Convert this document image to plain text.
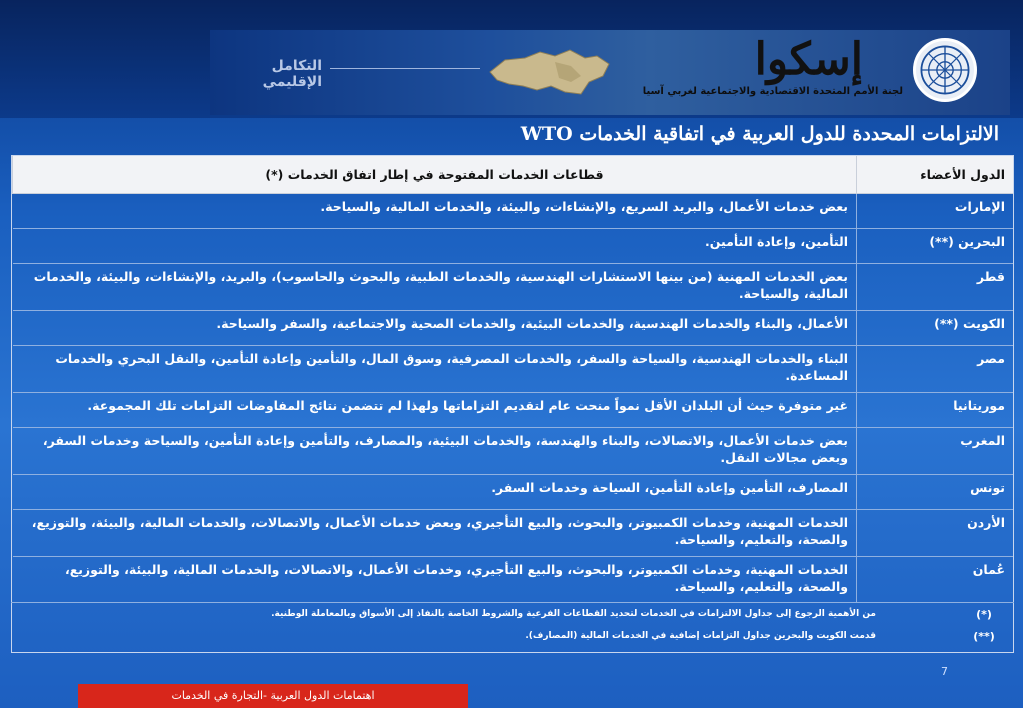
إسكوا
لجنة الأمم المتحدة الاقتصادية والاجتماعية لغربي آسيا
التكامل
الإقليمي
الالتزامات المحددة للدول العربية في اتفاقية الخدمات WTO
الدول الأعضاء	قطاعات الخدمات المفتوحة في إطار اتفاق الخدمات (*)
الإمارات	بعض خدمات الأعمال، والبريد السريع، والإنشاءات، والبيئة، والخدمات المالية، والسياحة.
البحرين (**)	التأمين، وإعادة التأمين.
قطر	بعض الخدمات المهنية (من بينها الاستشارات الهندسية، والخدمات الطبية، والبحوث والحاسوب)، والبريد، والإنشاءات، والبيئة، والخدمات المالية، والسياحة.
الكويت (**)	الأعمال، والبناء والخدمات الهندسية، والخدمات البيئية، والخدمات الصحية والاجتماعية، والسفر والسياحة.
مصر	البناء والخدمات الهندسية، والسياحة والسفر، والخدمات المصرفية، وسوق المال، والتأمين وإعادة التأمين، والنقل البحري والخدمات المساعدة.
موريتانيا	غير متوفرة حيث أن البلدان الأقل نمواً منحت عام لتقديم التزاماتها ولهذا لم تتضمن نتائج المفاوضات التزامات تلك المجموعة.
المغرب	بعض خدمات الأعمال، والاتصالات، والبناء والهندسة، والخدمات البيئية، والمصارف، والتأمين وإعادة التأمين، والسياحة وخدمات السفر، وبعض مجالات النقل.
تونس	المصارف، التأمين وإعادة التأمين، السياحة وخدمات السفر.
الأردن	الخدمات المهنية، وخدمات الكمبيوتر، والبحوث، والبيع التأجيري، وبعض خدمات الأعمال، والاتصالات، والخدمات المالية، والبيئة، والتوزيع، والصحة، والتعليم، والسياحة.
عُمان	الخدمات المهنية، وخدمات الكمبيوتر، والبحوث، والبيع التأجيري، وخدمات الأعمال، والاتصالات، والخدمات المالية، والبيئة، والتوزيع، والصحة، والتعليم، والسياحة.
(*)
من الأهمية الرجوع إلى جداول الالتزامات في الخدمات لتحديد القطاعات الفرعية والشروط الخاصة بالنفاذ إلى الأسواق وبالمعاملة الوطنية.
(**)
قدمت الكويت والبحرين جداول التزامات إضافية في الخدمات المالية (المصارف).
7
اهتمامات الدول العربية -التجارة في الخدمات
